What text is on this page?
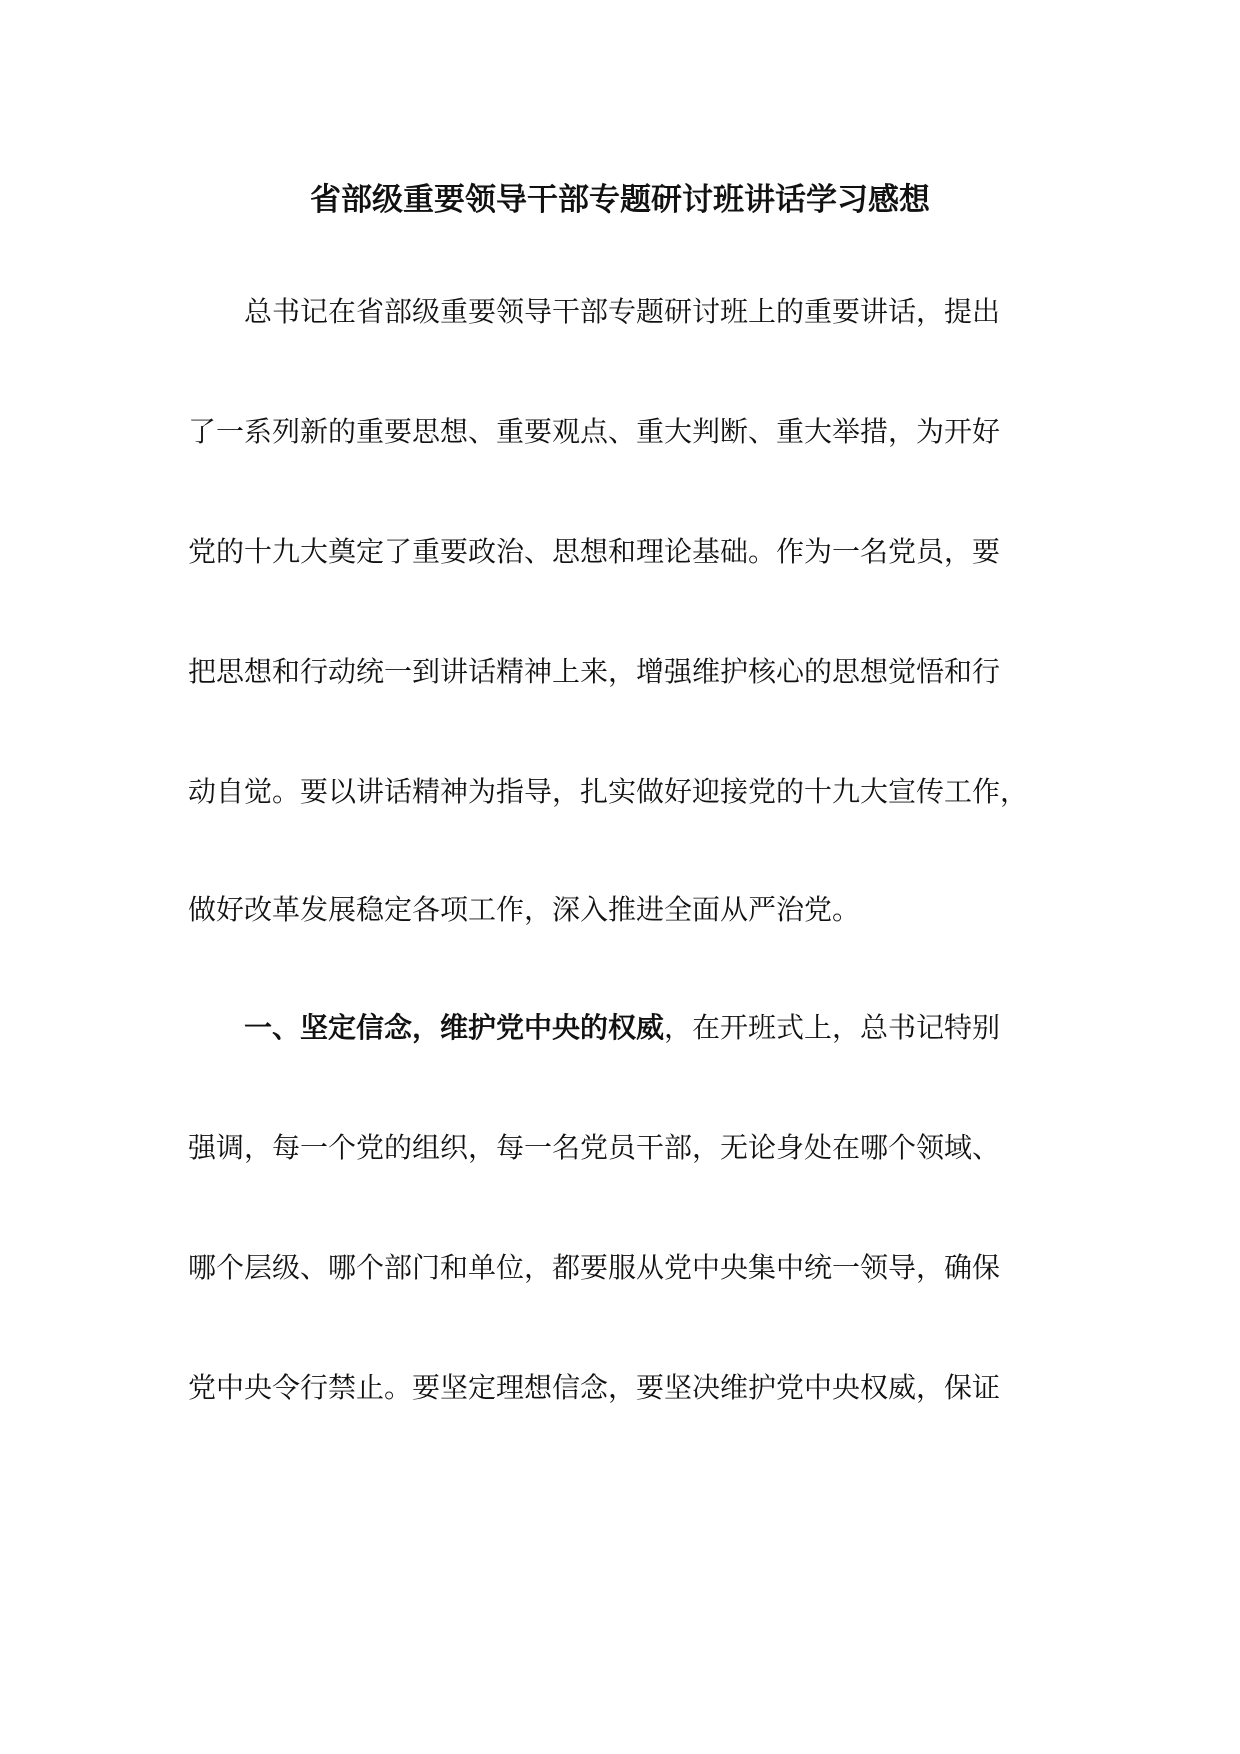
省部级重要领导干部专题研讨班讲话学习感想

总书记在省部级重要领导干部专题研讨班上的重要讲话，提出

了一系列新的重要思想、重要观点、重大判断、重大举措，为开好

党的十九大奠定了重要政治、思想和理论基础。作为一名党员，要

把思想和行动统一到讲话精神上来，增强维护核心的思想觉悟和行

动自觉。要以讲话精神为指导，扎实做好迎接党的十九大宣传工作，

做好改革发展稳定各项工作，深入推进全面从严治党。

一、坚定信念，维护党中央的权威，在开班式上，总书记特别

强调，每一个党的组织，每一名党员干部，无论身处在哪个领域、

哪个层级、哪个部门和单位，都要服从党中央集中统一领导，确保

党中央令行禁止。要坚定理想信念，要坚决维护党中央权威，保证
